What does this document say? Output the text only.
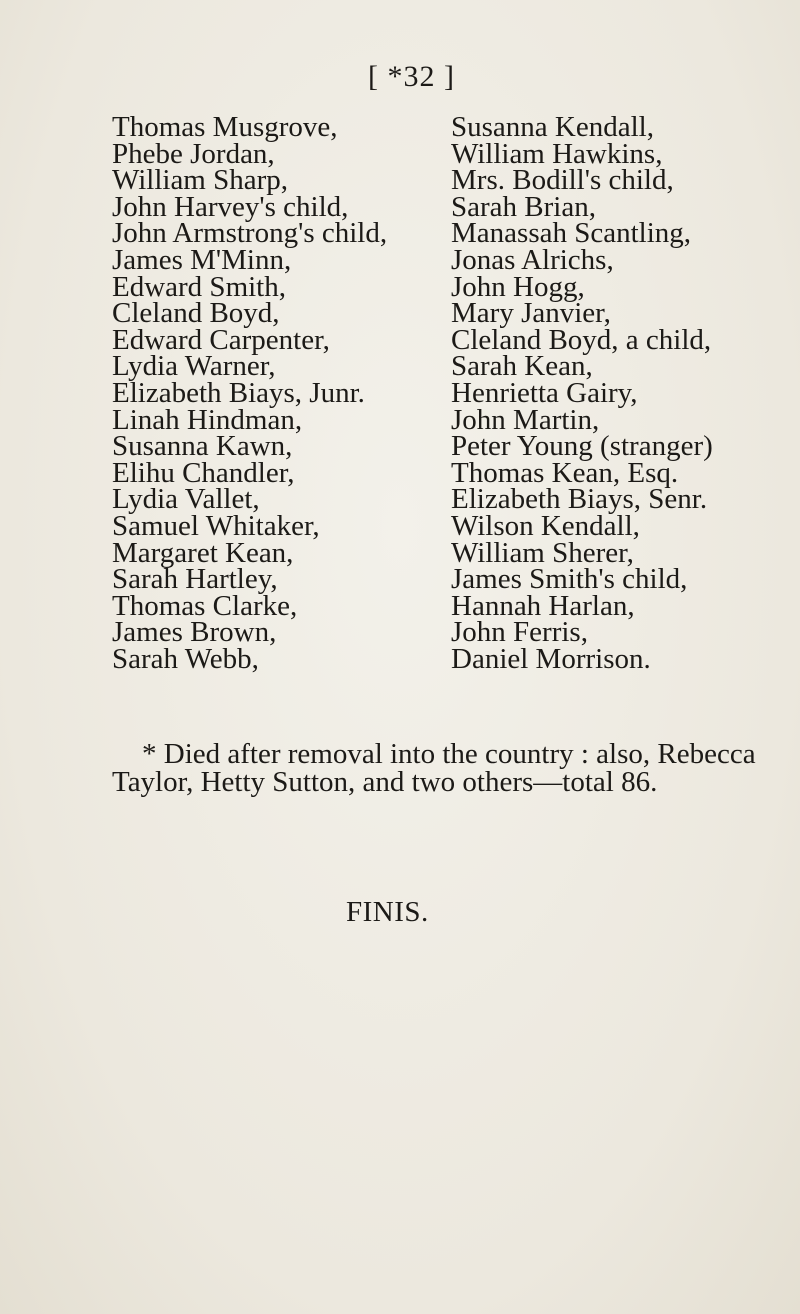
[ *32 ]
Thomas Musgrove,
Phebe Jordan,
William Sharp,
John Harvey's child,
John Armstrong's child,
James M'Minn,
Edward Smith,
Cleland Boyd,
Edward Carpenter,
Lydia Warner,
Elizabeth Biays, Junr.
Linah Hindman,
Susanna Kawn,
Elihu Chandler,
Lydia Vallet,
Samuel Whitaker,
Margaret Kean,
Sarah Hartley,
Thomas Clarke,
James Brown,
Sarah Webb,
Susanna Kendall,
William Hawkins,
Mrs. Bodill's child,
Sarah Brian,
Manassah Scantling,
Jonas Alrichs,
John Hogg,
Mary Janvier,
Cleland Boyd, a child,
Sarah Kean,
Henrietta Gairy,
John Martin,
Peter Young (stranger)
Thomas Kean, Esq.
Elizabeth Biays, Senr.
Wilson Kendall,
William Sherer,
James Smith's child,
Hannah Harlan,
John Ferris,
Daniel Morrison.
* Died after removal into the country : also, Rebecca
Taylor, Hetty Sutton, and two others—total 86.
FINIS.
